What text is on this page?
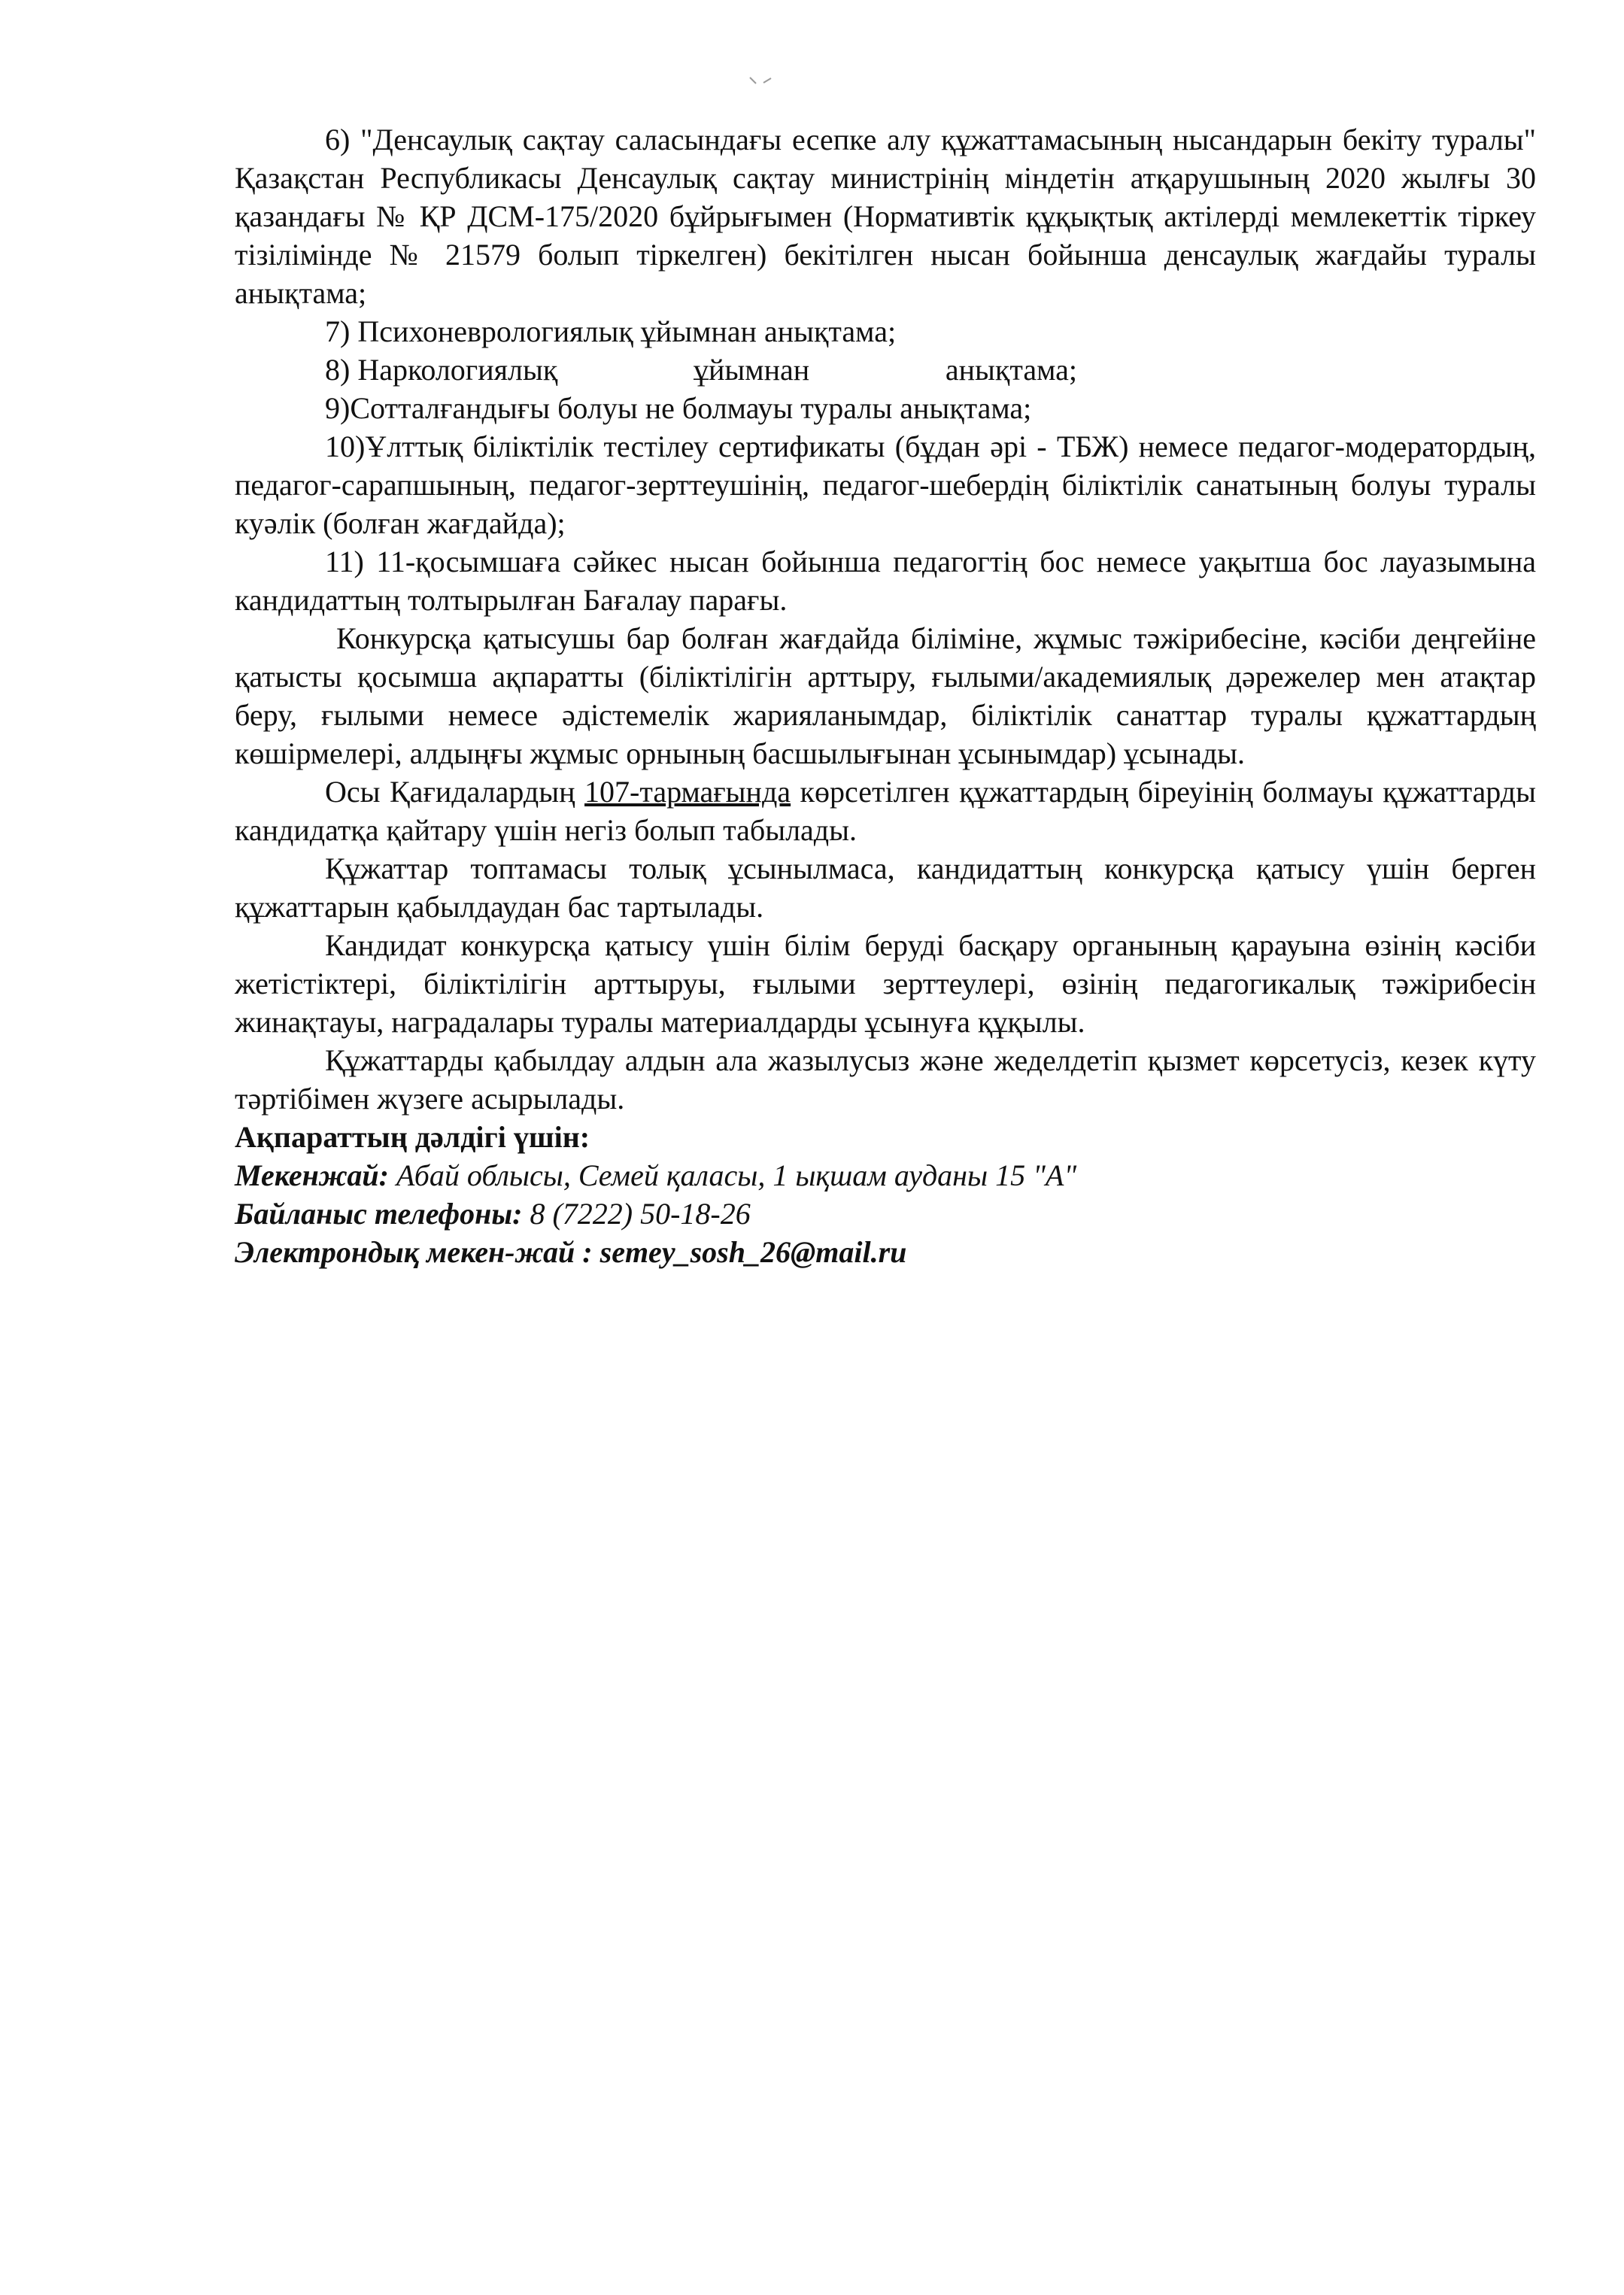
6) "Денсаулық сақтау саласындағы есепке алу құжаттамасының нысандарын бекіту туралы" Қазақстан Республикасы Денсаулық сақтау министрінің міндетін атқарушының 2020 жылғы 30 қазандағы № ҚР ДСМ-175/2020 бұйрығымен (Нормативтік құқықтық актілерді мемлекеттік тіркеу тізілімінде № 21579 болып тіркелген) бекітілген нысан бойынша денсаулық жағдайы туралы анықтама;

7) Психоневрологиялық ұйымнан анықтама;

8) Наркологиялық	ұйымнан	анықтама;

9)Сотталғандығы болуы не болмауы туралы анықтама;

10)Ұлттық біліктілік тестілеу сертификаты (бұдан әрі - ТБЖ) немесе педагог-модератордың, педагог-сарапшының, педагог-зерттеушінің, педагог-шебердің біліктілік санатының болуы туралы куәлік (болған жағдайда);

11) 11-қосымшаға сәйкес нысан бойынша педагогтің бос немесе уақытша бос лауазымына кандидаттың толтырылған Бағалау парағы.

Конкурсқа қатысушы бар болған жағдайда біліміне, жұмыс тәжірибесіне, кәсіби деңгейіне қатысты қосымша ақпаратты (біліктілігін арттыру, ғылыми/академиялық дәрежелер мен атақтар беру, ғылыми немесе әдістемелік жарияланымдар, біліктілік санаттар туралы құжаттардың көшірмелері, алдыңғы жұмыс орнының басшылығынан ұсынымдар) ұсынады.

Осы Қағидалардың 107-тармағында көрсетілген құжаттардың біреуінің болмауы құжаттарды кандидатқа қайтару үшін негіз болып табылады.

Құжаттар топтамасы толық ұсынылмаса, кандидаттың конкурсқа қатысу үшін берген құжаттарын қабылдаудан бас тартылады.

Кандидат конкурсқа қатысу үшін білім беруді басқару органының қарауына өзінің кәсіби жетістіктері, біліктілігін арттыруы, ғылыми зерттеулері, өзінің педагогикалық тәжірибесін жинақтауы, наградалары туралы материалдарды ұсынуға құқылы.

Құжаттарды қабылдау алдын ала жазылусыз және жеделдетіп қызмет көрсетусіз, кезек күту тәртібімен жүзеге асырылады.

Ақпараттың дәлдігі үшін:

Мекенжай: Абай облысы, Семей қаласы, 1 ықшам ауданы 15 "А"

Байланыс телефоны: 8 (7222) 50-18-26

Электрондық мекен-жай : semey_sosh_26@mail.ru
